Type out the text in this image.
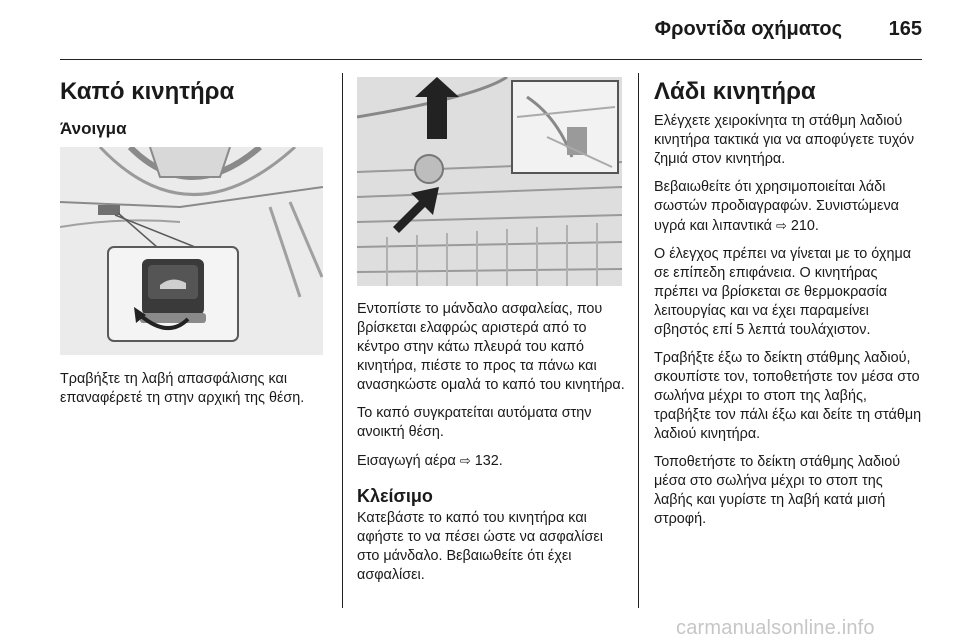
Φροντίδα οχήματος 165
Καπό κινητήρα
Άνοιγμα

Τραβήξτε τη λαβή απασφάλισης και επαναφέρετέ τη στην αρχική της θέση.

Εντοπίστε το μάνδαλο ασφαλείας, που βρίσκεται ελαφρώς αριστερά από το κέντρο στην κάτω πλευρά του καπό κινητήρα, πιέστε το προς τα πάνω και ανασηκώστε ομαλά το καπό του κινητήρα.

Το καπό συγκρατείται αυτόματα στην ανοικτή θέση.

Εισαγωγή αέρα ⇨ 132.

Κλείσιμο

Κατεβάστε το καπό του κινητήρα και αφήστε το να πέσει ώστε να ασφαλίσει στο μάνδαλο. Βεβαιωθείτε ότι έχει ασφαλίσει.

Λάδι κινητήρα

Ελέγχετε χειροκίνητα τη στάθμη λαδιού κινητήρα τακτικά για να αποφύγετε τυχόν ζημιά στον κινητήρα.

Βεβαιωθείτε ότι χρησιμοποιείται λάδι σωστών προδιαγραφών. Συνιστώμενα υγρά και λιπαντικά ⇨ 210.

Ο έλεγχος πρέπει να γίνεται με το όχημα σε επίπεδη επιφάνεια. Ο κινητήρας πρέπει να βρίσκεται σε θερμοκρασία λειτουργίας και να έχει παραμείνει σβηστός επί 5 λεπτά τουλάχιστον.

Τραβήξτε έξω το δείκτη στάθμης λαδιού, σκουπίστε τον, τοποθετήστε τον μέσα στο σωλήνα μέχρι το στοπ της λαβής, τραβήξτε τον πάλι έξω και δείτε τη στάθμη λαδιού κινητήρα.

Τοποθετήστε το δείκτη στάθμης λαδιού μέσα στο σωλήνα μέχρι το στοπ της λαβής και γυρίστε τη λαβή κατά μισή στροφή.

carmanualsonline.info
